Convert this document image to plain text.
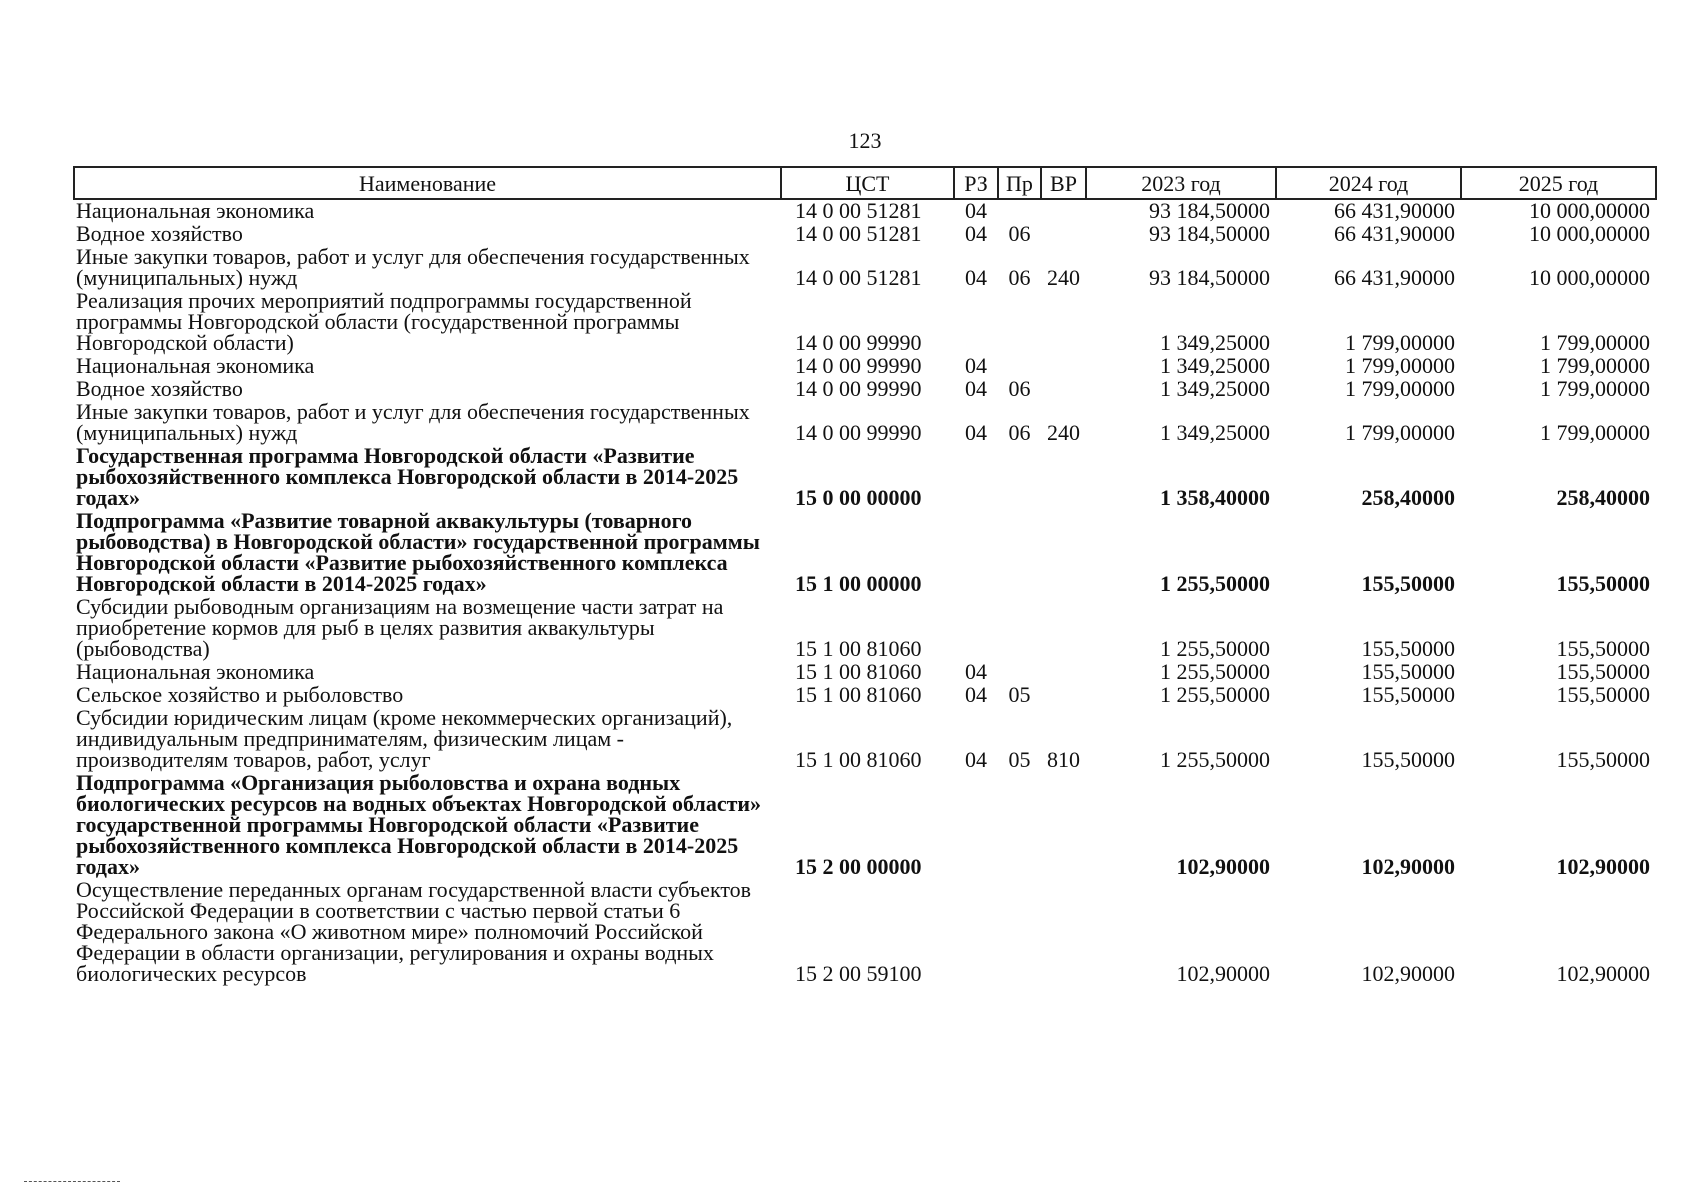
123
Наименование	ЦСТ	РЗ	Пр	ВР	2023 год	2024 год	2025 год
Национальная экономика	14 0 00 51281	04			93 184,50000	66 431,90000	10 000,00000
Водное хозяйство	14 0 00 51281	04	06		93 184,50000	66 431,90000	10 000,00000
Иные закупки товаров, работ и услуг для обеспечения государственных (муниципальных) нужд	14 0 00 51281	04	06	240	93 184,50000	66 431,90000	10 000,00000
Реализация прочих мероприятий подпрограммы государственной программы Новгородской области (государственной программы Новгородской области)	14 0 00 99990				1 349,25000	1 799,00000	1 799,00000
Национальная экономика	14 0 00 99990	04			1 349,25000	1 799,00000	1 799,00000
Водное хозяйство	14 0 00 99990	04	06		1 349,25000	1 799,00000	1 799,00000
Иные закупки товаров, работ и услуг для обеспечения государственных (муниципальных) нужд	14 0 00 99990	04	06	240	1 349,25000	1 799,00000	1 799,00000
Государственная программа Новгородской области «Развитие рыбохозяйственного комплекса Новгородской области в 2014-2025 годах»	15 0 00 00000				1 358,40000	258,40000	258,40000
Подпрограмма «Развитие товарной аквакультуры (товарного рыбоводства) в Новгородской области» государственной программы Новгородской области «Развитие рыбохозяйственного комплекса Новгородской области в 2014-2025 годах»	15 1 00 00000				1 255,50000	155,50000	155,50000
Субсидии рыбоводным организациям на возмещение части затрат на приобретение кормов для рыб в целях развития аквакультуры (рыбоводства)	15 1 00 81060				1 255,50000	155,50000	155,50000
Национальная экономика	15 1 00 81060	04			1 255,50000	155,50000	155,50000
Сельское хозяйство и рыболовство	15 1 00 81060	04	05		1 255,50000	155,50000	155,50000
Субсидии юридическим лицам (кроме некоммерческих организаций), индивидуальным предпринимателям, физическим лицам - производителям товаров, работ, услуг	15 1 00 81060	04	05	810	1 255,50000	155,50000	155,50000
Подпрограмма «Организация рыболовства и охрана водных биологических ресурсов на водных объектах Новгородской области» государственной программы Новгородской области «Развитие рыбохозяйственного комплекса Новгородской области в 2014-2025 годах»	15 2 00 00000				102,90000	102,90000	102,90000
Осуществление переданных органам государственной власти субъектов Российской Федерации в соответствии с частью первой статьи 6 Федерального закона «О животном мире» полномочий Российской Федерации в области организации, регулирования и охраны водных биологических ресурсов	15 2 00 59100				102,90000	102,90000	102,90000
